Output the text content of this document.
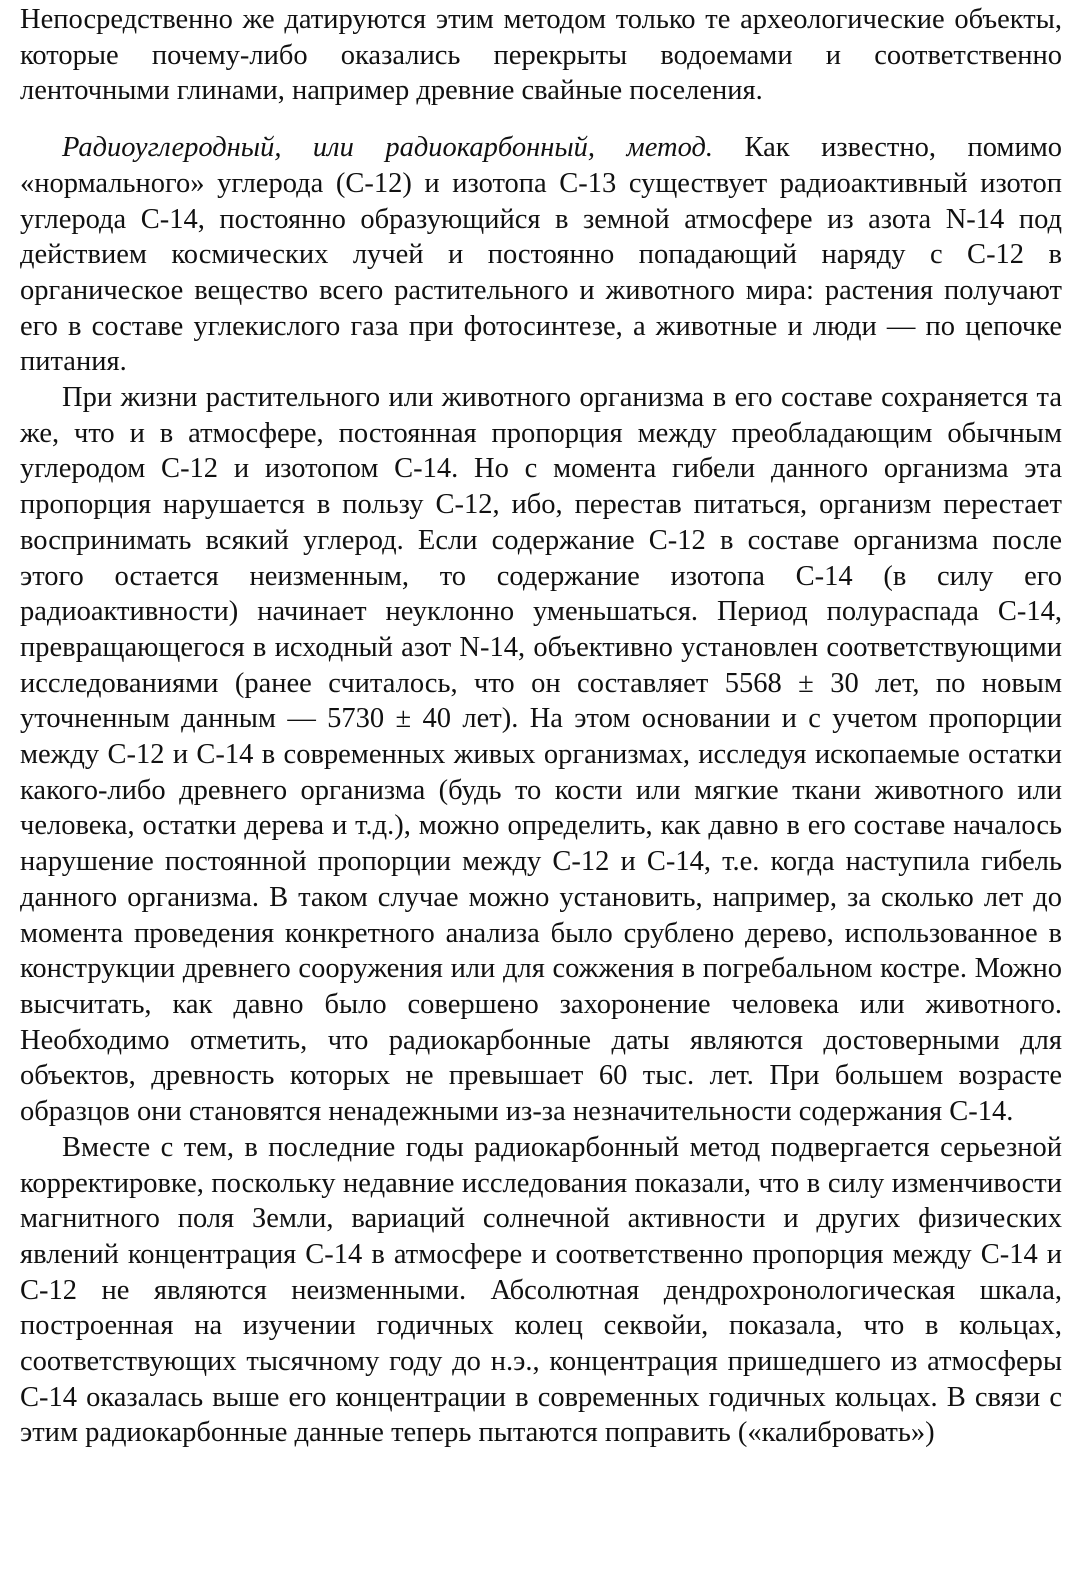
Непосредственно же датируются этим методом только те археологические объекты, которые почему-либо оказались перекрыты водоемами и соответственно ленточными глинами, например древние свайные поселения.

Радиоуглеродный, или радиокарбонный, метод. Как известно, помимо «нормального» углерода (С-12) и изотопа С-13 существует радиоактивный изотоп углерода С-14, постоянно образующийся в земной атмосфере из азота N-14 под действием космических лучей и постоянно попадающий наряду с С-12 в органическое вещество всего растительного и животного мира: растения получают его в составе углекислого газа при фотосинтезе, а животные и люди — по цепочке питания.

При жизни растительного или животного организма в его составе сохраняется та же, что и в атмосфере, постоянная пропорция между преобладающим обычным углеродом С-12 и изотопом С-14. Но с момента гибели данного организма эта пропорция нарушается в пользу С-12, ибо, перестав питаться, организм перестает воспринимать всякий углерод. Если содержание С-12 в составе организма после этого остается неизменным, то содержание изотопа С-14 (в силу его радиоактивности) начинает неуклонно уменьшаться. Период полураспада С-14, превращающегося в исходный азот N-14, объективно установлен соответствующими исследованиями (ранее считалось, что он составляет 5568 ± 30 лет, по новым уточненным данным — 5730 ± 40 лет). На этом основании и с учетом пропорции между С-12 и С-14 в современных живых организмах, исследуя ископаемые остатки какого-либо древнего организма (будь то кости или мягкие ткани животного или человека, остатки дерева и т.д.), можно определить, как давно в его составе началось нарушение постоянной пропорции между С-12 и С-14, т.е. когда наступила гибель данного организма. В таком случае можно установить, например, за сколько лет до момента проведения конкретного анализа было срублено дерево, использованное в конструкции древнего сооружения или для сожжения в погребальном костре. Можно высчитать, как давно было совершено захоронение человека или животного. Необходимо отметить, что радиокарбонные даты являются достоверными для объектов, древность которых не превышает 60 тыс. лет. При большем возрасте образцов они становятся ненадежными из-за незначительности содержания С-14.

Вместе с тем, в последние годы радиокарбонный метод подвергается серьезной корректировке, поскольку недавние исследования показали, что в силу изменчивости магнитного поля Земли, вариаций солнечной активности и других физических явлений концентрация С-14 в атмосфере и соответственно пропорция между С-14 и С-12 не являются неизменными. Абсолютная дендрохронологическая шкала, построенная на изучении годичных колец секвойи, показала, что в кольцах, соответствующих тысячному году до н.э., концентрация пришедшего из атмосферы С-14 оказалась выше его концентрации в современных годичных кольцах. В связи с этим радиокарбонные данные теперь пытаются поправить («калибровать»)
